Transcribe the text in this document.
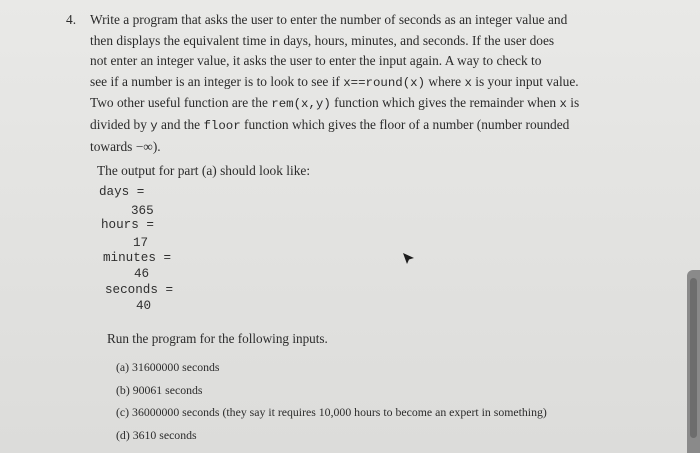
4. Write a program that asks the user to enter the number of seconds as an integer value and
then displays the equivalent time in days, hours, minutes, and seconds. If the user does
not enter an integer value, it asks the user to enter the input again. A way to check to
see if a number is an integer is to look to see if x==round(x) where x is your input value.
Two other useful function are the rem(x,y) function which gives the remainder when x is
divided by y and the floor function which gives the floor of a number (number rounded
towards −∞).
The output for part (a) should look like:
days =
365
hours =
17
minutes =
46
seconds =
40
Run the program for the following inputs.
(a) 31600000 seconds
(b) 90061 seconds
(c) 36000000 seconds (they say it requires 10,000 hours to become an expert in something)
(d) 3610 seconds
